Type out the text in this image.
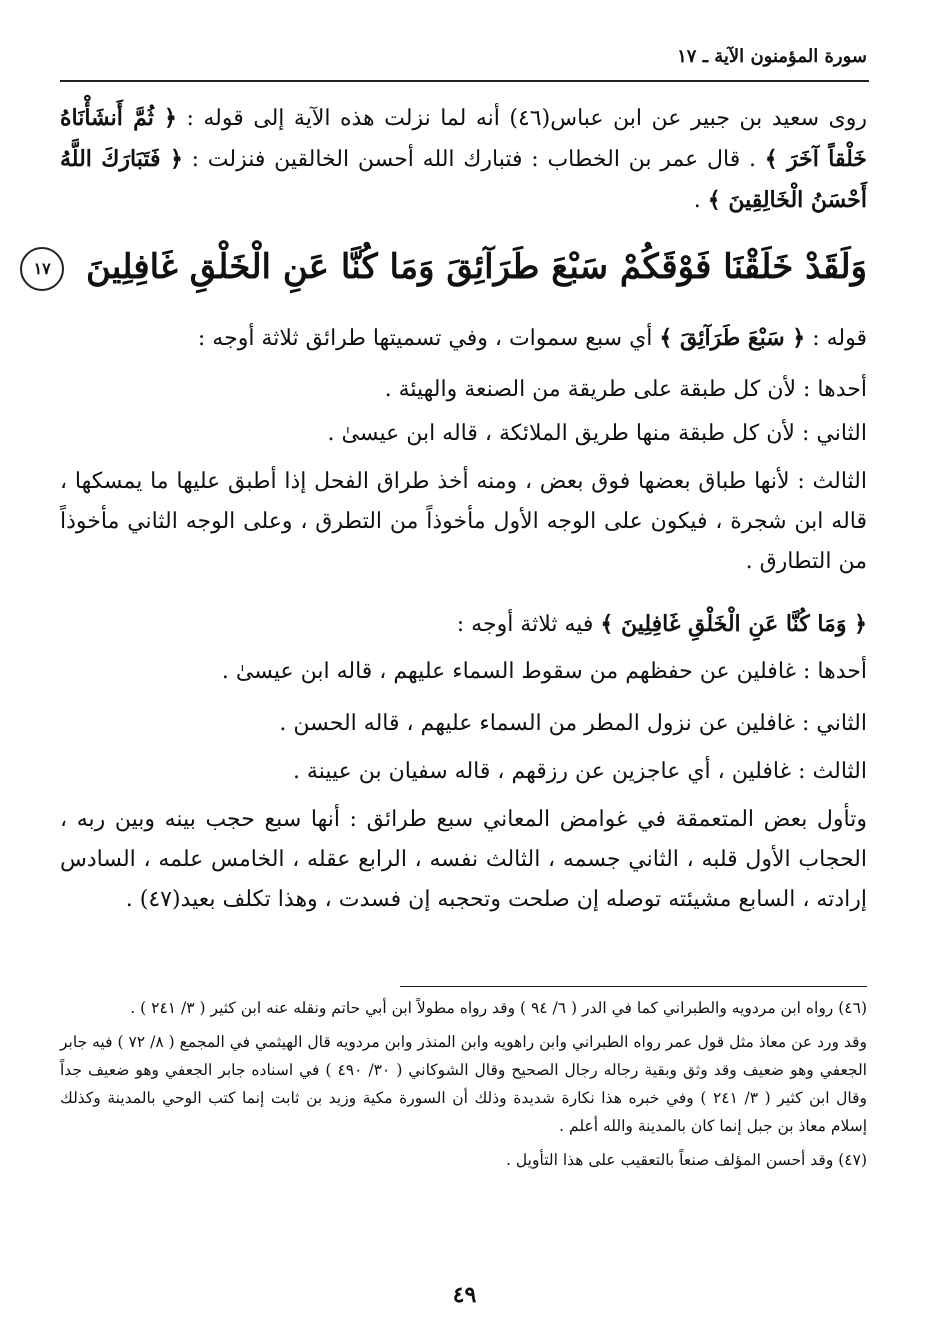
سورة المؤمنون الآية ـ ١٧
روى سعيد بن جبير عن ابن عباس(٤٦) أنه لما نزلت هذه الآية إلى قوله : ﴿ ثُمَّ أَنشَأْنَاهُ خَلْقاً آخَرَ ﴾ . قال عمر بن الخطاب : فتبارك الله أحسن الخالقين فنزلت : ﴿ فَتَبَارَكَ اللَّهُ أَحْسَنُ الْخَالِقِينَ ﴾ .
وَلَقَدْ خَلَقْنَا فَوْقَكُمْ سَبْعَ طَرَآئِقَ وَمَا كُنَّا عَنِ الْخَلْقِ غَافِلِينَ ١٧
قوله : ﴿ سَبْعَ طَرَآئِقَ ﴾ أي سبع سموات ، وفي تسميتها طرائق ثلاثة أوجه :
أحدها : لأن كل طبقة على طريقة من الصنعة والهيئة .
الثاني : لأن كل طبقة منها طريق الملائكة ، قاله ابن عيسىٰ .
الثالث : لأنها طباق بعضها فوق بعض ، ومنه أخذ طراق الفحل إذا أطبق عليها ما يمسكها ، قاله ابن شجرة ، فيكون على الوجه الأول مأخوذاً من التطرق ، وعلى الوجه الثاني مأخوذاً من التطارق .
﴿ وَمَا كُنَّا عَنِ الْخَلْقِ غَافِلِينَ ﴾ فيه ثلاثة أوجه :
أحدها : غافلين عن حفظهم من سقوط السماء عليهم ، قاله ابن عيسىٰ .
الثاني : غافلين عن نزول المطر من السماء عليهم ، قاله الحسن .
الثالث : غافلين ، أي عاجزين عن رزقهم ، قاله سفيان بن عيينة .
وتأول بعض المتعمقة في غوامض المعاني سبع طرائق : أنها سبع حجب بينه وبين ربه ، الحجاب الأول قلبه ، الثاني جسمه ، الثالث نفسه ، الرابع عقله ، الخامس علمه ، السادس إرادته ، السابع مشيئته توصله إن صلحت وتحجبه إن فسدت ، وهذا تكلف بعيد(٤٧) .

(٤٦) رواه ابن مردويه والطبراني كما في الدر ( ٦/ ٩٤ ) وقد رواه مطولاً ابن أبي حاتم ونقله عنه ابن كثير ( ٣/ ٢٤١ ) .

وقد ورد عن معاذ مثل قول عمر رواه الطبراني وابن راهويه وابن المنذر وابن مردويه قال الهيثمي في المجمع ( ٨/ ٧٢ ) فيه جابر الجعفي وهو ضعيف وقد وثق وبقية رجاله رجال الصحيح وقال الشوكاني ( ٣٠/ ٤٩٠ ) في اسناده جابر الجعفي وهو ضعيف جداً وقال ابن كثير ( ٣/ ٢٤١ ) وفي خبره هذا نكارة شديدة وذلك أن السورة مكية وزيد بن ثابت إنما كتب الوحي بالمدينة وكذلك إسلام معاذ بن جبل إنما كان بالمدينة والله أعلم .

(٤٧) وقد أحسن المؤلف صنعاً بالتعقيب على هذا التأويل .

٤٩
